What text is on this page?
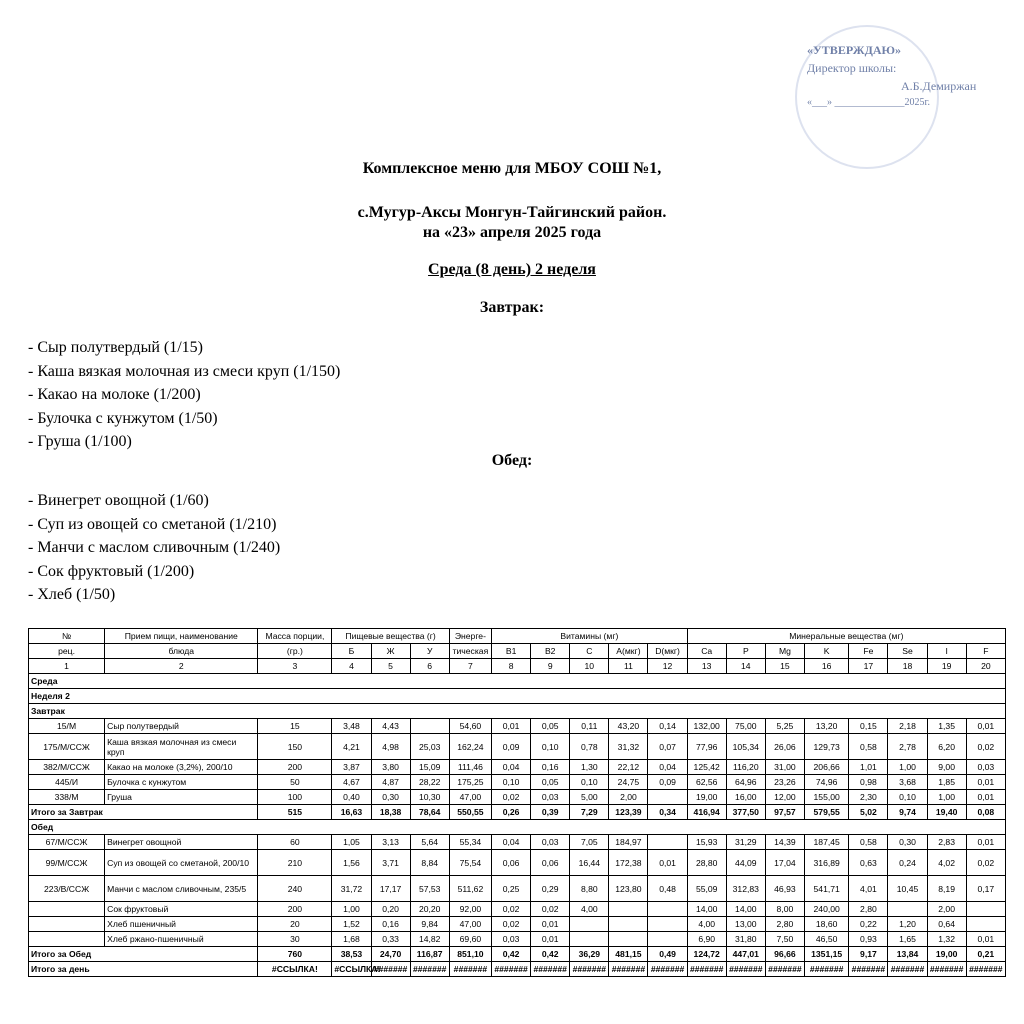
«УТВЕРЖДАЮ»
Директор школы:
А.Б.Демиржан
«___» ______________2025г.
Комплексное меню для МБОУ СОШ №1,
с.Мугур-Аксы Монгун-Тайгинский район.
на «23» апреля 2025 года
Среда (8 день) 2 неделя
Завтрак:
- Сыр полутвердый (1/15)
- Каша вязкая молочная из смеси круп (1/150)
- Какао на молоке (1/200)
- Булочка с кунжутом (1/50)
- Груша (1/100)
Обед:
- Винегрет овощной (1/60)
- Суп из овощей со сметаной (1/210)
- Манчи с маслом сливочным (1/240)
- Сок фруктовый (1/200)
- Хлеб (1/50)
№	Прием пищи, наименование	Масса порции,	Пищевые вещества (г)			Энерге-	Витамины (мг)					Минеральные вещества (мг)							
рец.	блюда	(гр.)	Б	Ж	У	тическая	B1	B2	C	A(мкг)	D(мкг)	Ca	P	Mg	K	Fe	Se	I	F
1	2	3	4	5	6	7	8	9	10	11	12	13	14	15	16	17	18	19	20
Среда																			
Неделя 2																			
Завтрак																			
15/М	Сыр полутвердый	15	3,48	4,43		54,60	0,01	0,05	0,11	43,20	0,14	132,00	75,00	5,25	13,20	0,15	2,18	1,35	0,01
175/М/ССЖ	Каша вязкая молочная из смеси круп	150	4,21	4,98	25,03	162,24	0,09	0,10	0,78	31,32	0,07	77,96	105,34	26,06	129,73	0,58	2,78	6,20	0,02
382/М/ССЖ	Какао на молоке (3,2%), 200/10	200	3,87	3,80	15,09	111,46	0,04	0,16	1,30	22,12	0,04	125,42	116,20	31,00	206,66	1,01	1,00	9,00	0,03
445/И	Булочка с кунжутом	50	4,67	4,87	28,22	175,25	0,10	0,05	0,10	24,75	0,09	62,56	64,96	23,26	74,96	0,98	3,68	1,85	0,01
338/М	Груша	100	0,40	0,30	10,30	47,00	0,02	0,03	5,00	2,00		19,00	16,00	12,00	155,00	2,30	0,10	1,00	0,01
Итого за Завтрак		515	16,63	18,38	78,64	550,55	0,26	0,39	7,29	123,39	0,34	416,94	377,50	97,57	579,55	5,02	9,74	19,40	0,08
Обед																			
67/М/ССЖ	Винегрет овощной	60	1,05	3,13	5,64	55,34	0,04	0,03	7,05	184,97		15,93	31,29	14,39	187,45	0,58	0,30	2,83	0,01
99/М/ССЖ	Суп из овощей со сметаной, 200/10	210	1,56	3,71	8,84	75,54	0,06	0,06	16,44	172,38	0,01	28,80	44,09	17,04	316,89	0,63	0,24	4,02	0,02
223/В/ССЖ	Манчи с маслом сливочным, 235/5	240	31,72	17,17	57,53	511,62	0,25	0,29	8,80	123,80	0,48	55,09	312,83	46,93	541,71	4,01	10,45	8,19	0,17
	Сок фруктовый	200	1,00	0,20	20,20	92,00	0,02	0,02	4,00			14,00	14,00	8,00	240,00	2,80		2,00	
	Хлеб пшеничный	20	1,52	0,16	9,84	47,00	0,02	0,01				4,00	13,00	2,80	18,60	0,22	1,20	0,64	
	Хлеб ржано-пшеничный	30	1,68	0,33	14,82	69,60	0,03	0,01				6,90	31,80	7,50	46,50	0,93	1,65	1,32	0,01
Итого за Обед		760	38,53	24,70	116,87	851,10	0,42	0,42	36,29	481,15	0,49	124,72	447,01	96,66	1351,15	9,17	13,84	19,00	0,21
Итого за день		#ССЫЛКА!	#ССЫЛКА!	#######	#######	#######	#######	#######	#######	#######	#######	#######	#######	#######	#######	#######	#######	#######	#######
